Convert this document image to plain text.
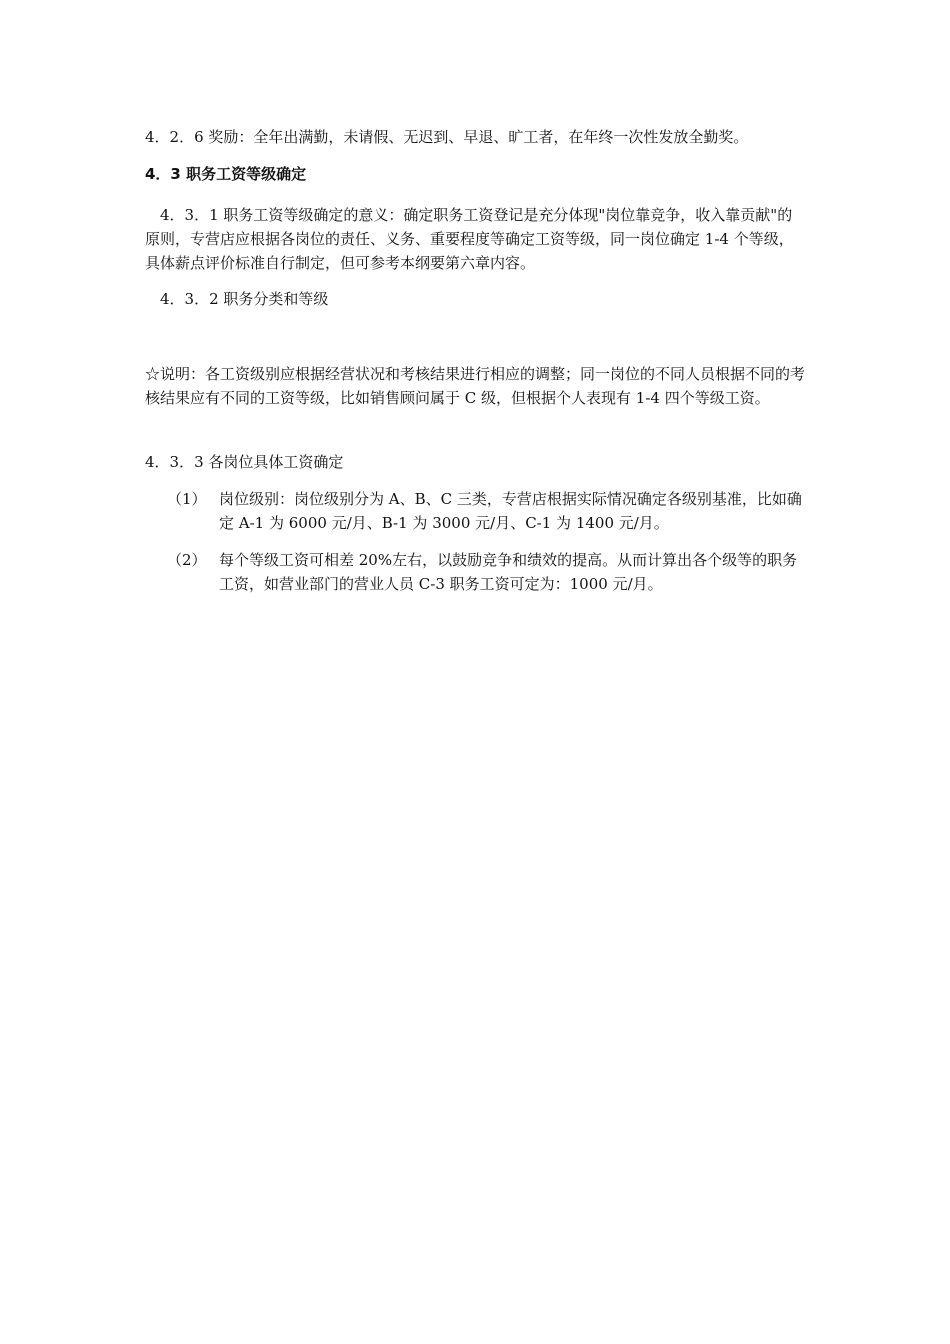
4．2．6 奖励：全年出满勤，未请假、无迟到、早退、旷工者，在年终一次性发放全勤奖。

4．3 职务工资等级确定

4．3．1 职务工资等级确定的意义：确定职务工资登记是充分体现"岗位靠竞争，收入靠贡献"的原则，专营店应根据各岗位的责任、义务、重要程度等确定工资等级，同一岗位确定 1-4 个等级，具体薪点评价标准自行制定，但可参考本纲要第六章内容。

4．3．2 职务分类和等级

☆说明：各工资级别应根据经营状况和考核结果进行相应的调整；同一岗位的不同人员根据不同的考核结果应有不同的工资等级，比如销售顾问属于 C 级，但根据个人表现有 1-4 四个等级工资。

4．3．3 各岗位具体工资确定

（1） 岗位级别：岗位级别分为 A、B、C 三类，专营店根据实际情况确定各级别基准，比如确定 A-1 为 6000 元/月、B-1 为 3000 元/月、C-1 为 1400 元/月。
（2） 每个等级工资可相差 20%左右，以鼓励竞争和绩效的提高。从而计算出各个级等的职务工资，如营业部门的营业人员 C-3 职务工资可定为：1000 元/月。
